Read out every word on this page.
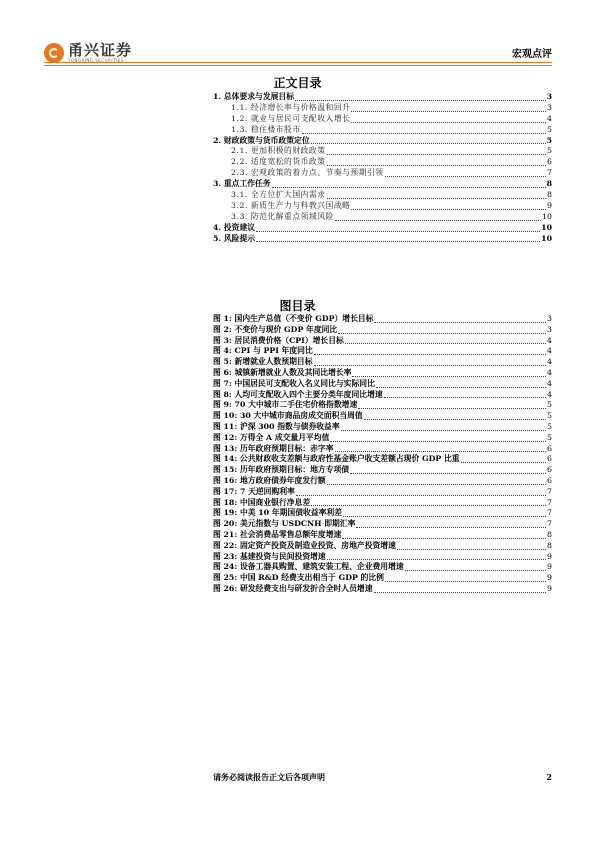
甬兴证券
YONGXING SECURITIES
宏观点评
正文目录
1. 总体要求与发展目标	3
1.1. 经济增长率与价格温和回升	3
1.2. 就业与居民可支配收入增长	4
1.3. 稳住楼市股市	5
2. 财政政策与货币政策定位	5
2.1. 更加积极的财政政策	5
2.2. 适度宽松的货币政策	6
2.3. 宏观政策的着力点、节奏与预期引领	7
3. 重点工作任务	8
3.1. 全方位扩大国内需求	8
3.2. 新质生产力与科教兴国战略	9
3.3. 防范化解重点领域风险	10
4. 投资建议	10
5. 风险提示	10
图目录
图 1: 国内生产总值（不变价 GDP）增长目标	3
图 2: 不变价与现价 GDP 年度同比	3
图 3: 居民消费价格（CPI）增长目标	4
图 4: CPI 与 PPI 年度同比	4
图 5: 新增就业人数预期目标	4
图 6: 城镇新增就业人数及其同比增长率	4
图 7: 中国居民可支配收入名义同比与实际同比	4
图 8: 人均可支配收入四个主要分类年度同比增速	4
图 9: 70 大中城市二手住宅价格指数增速	5
图 10: 30 大中城市商品房成交面积当周值	5
图 11: 沪深 300 指数与债券收益率	5
图 12: 万得全 A 成交量月平均值	5
图 13: 历年政府预期目标：赤字率	6
图 14: 公共财政收支差额与政府性基金账户收支差额占现价 GDP 比重	6
图 15: 历年政府预期目标：地方专项债	6
图 16: 地方政府债券年度发行额	6
图 17: 7 天逆回购利率	7
图 18: 中国商业银行净息差	7
图 19: 中美 10 年期国债收益率利差	7
图 20: 美元指数与 USDCNH 即期汇率	7
图 21: 社会消费品零售总额年度增速	8
图 22: 固定资产投资及制造业投资、房地产投资增速	8
图 23: 基建投资与民间投资增速	9
图 24: 设备工器具购置、建筑安装工程、企业费用增速	9
图 25: 中国 R&D 经费支出相当于 GDP 的比例	9
图 26: 研发经费支出与研发折合全时人员增速	9
请务必阅读报告正文后各项声明	2
